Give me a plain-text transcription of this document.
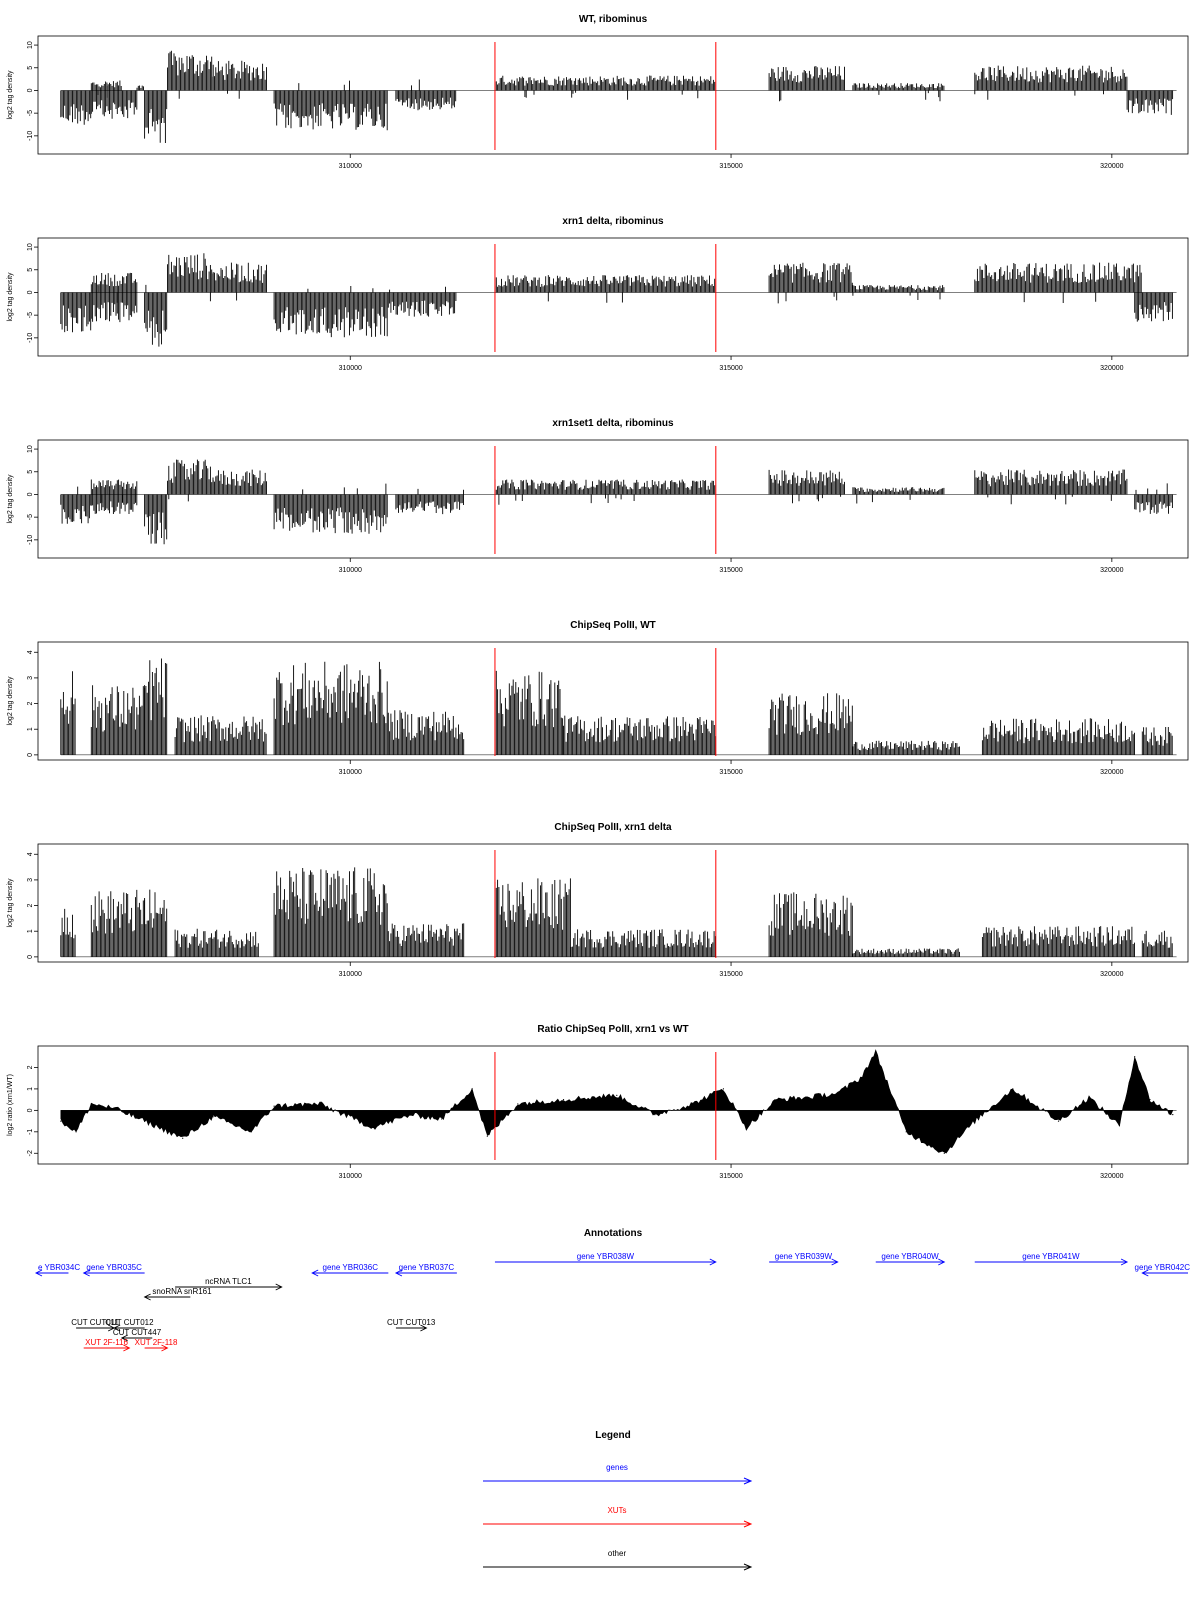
WT, ribominus
log2 tag density
10
5
0
-5
-10
310000	315000	320000
xrn1 delta, ribominus
log2 tag density
10
5
0
-5
-10
310000	315000	320000
xrn1set1 delta, ribominus
log2 tag density
10
5
0
-5
-10
310000	315000	320000
ChipSeq PolII, WT
log2 tag density
0
1
2
3
4
310000	315000	320000
ChipSeq PolII, xrn1 delta
log2 tag density
0
1
2
3
4
310000	315000	320000
Ratio ChipSeq PolII, xrn1 vs WT
log2 ratio (xrn1/WT)
2
1
0
-1
-2
310000	315000	320000
Annotations
e YBR034C gene YBR035C
ncRNA TLC1
snoRNA snR161
gene YBR036C	gene YBR037C
gene YBR038W	gene YBR039W	gene YBR040W	gene YBR041W
gene YBR042C
CUT CUT011
CUT CUT012
CUT CUT447
XUT 2F-116 XUT 2F-118
CUT CUT013
Legend
genes
XUTs
other
